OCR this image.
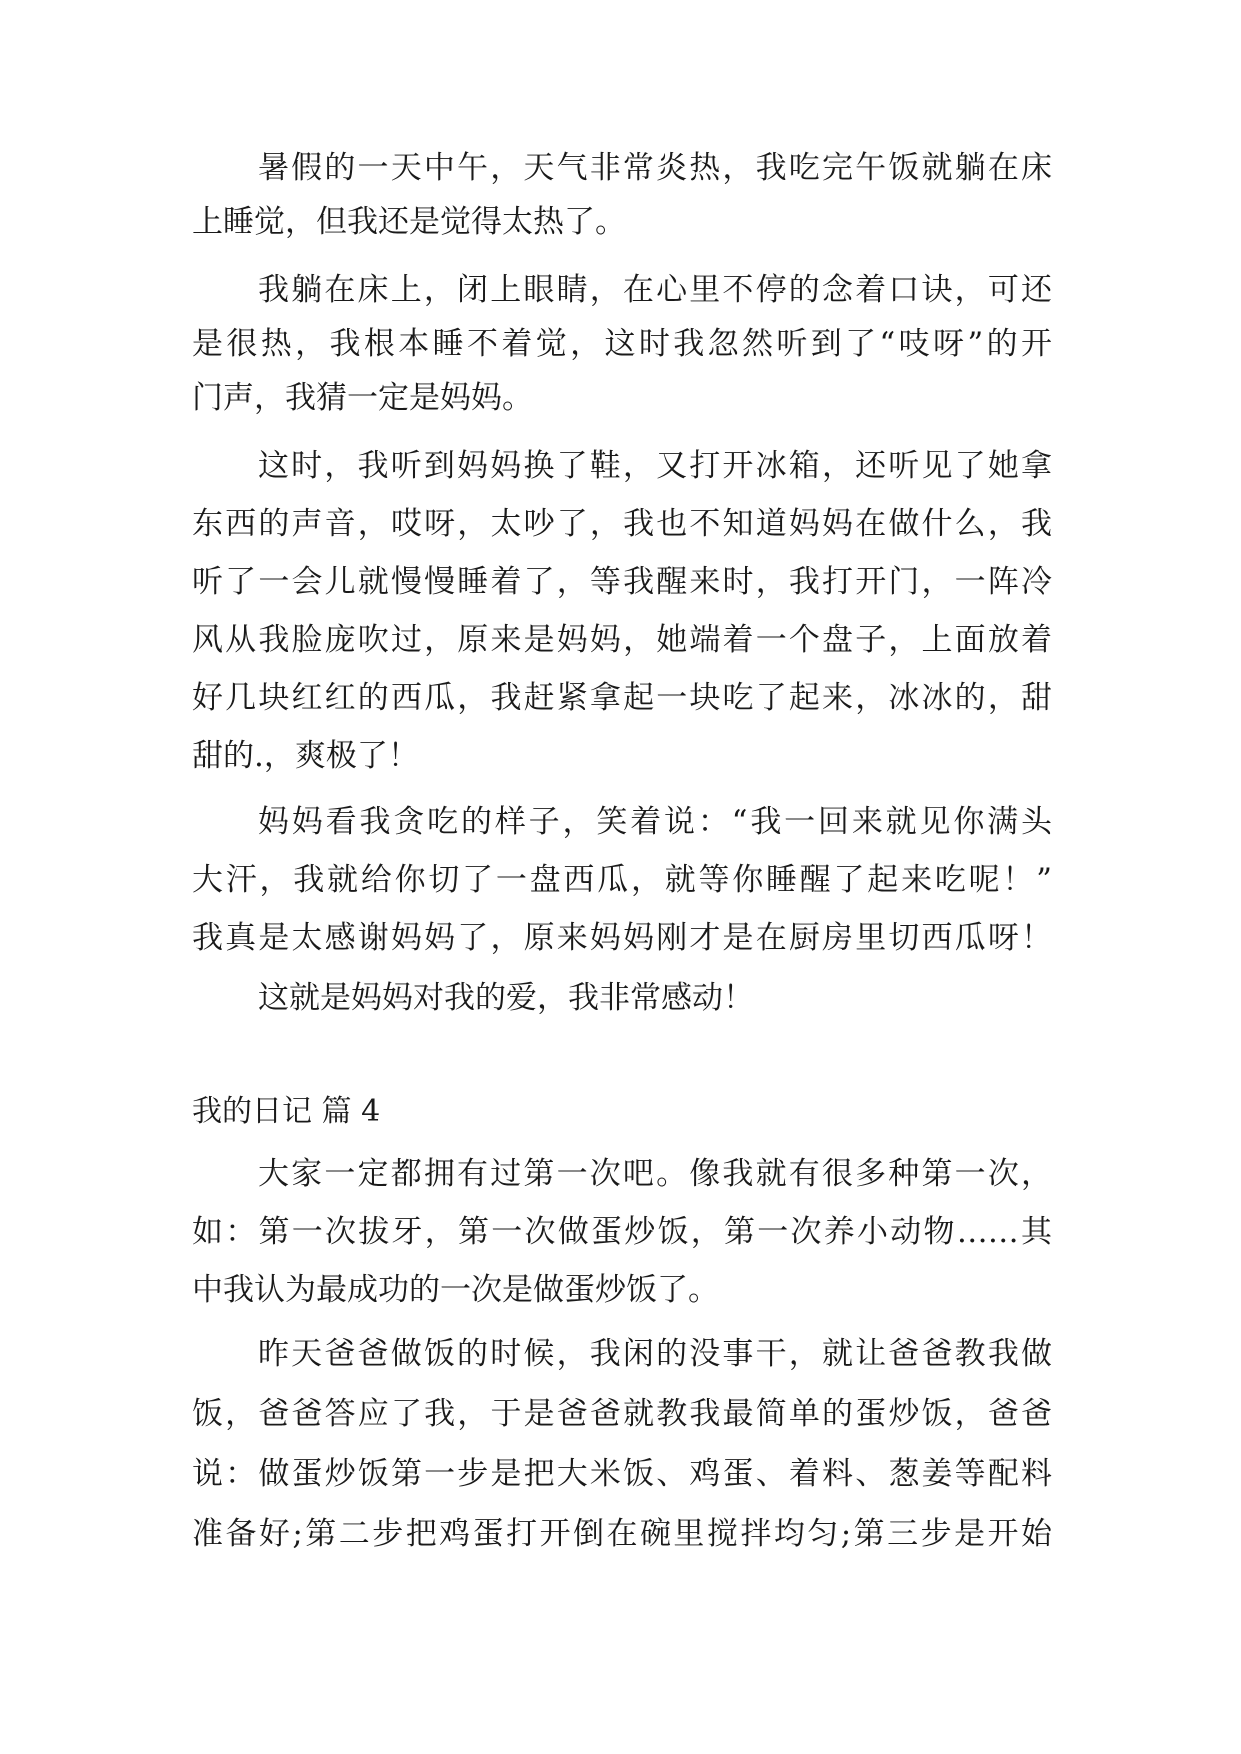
暑假的一天中午，天气非常炎热，我吃完午饭就躺在床
上睡觉，但我还是觉得太热了。
我躺在床上，闭上眼睛，在心里不停的念着口诀，可还
是很热，我根本睡不着觉，这时我忽然听到了“吱呀”的开
门声，我猜一定是妈妈。
这时，我听到妈妈换了鞋，又打开冰箱，还听见了她拿
东西的声音，哎呀，太吵了，我也不知道妈妈在做什么，我
听了一会儿就慢慢睡着了，等我醒来时，我打开门，一阵冷
风从我脸庞吹过，原来是妈妈，她端着一个盘子，上面放着
好几块红红的西瓜，我赶紧拿起一块吃了起来，冰冰的，甜
甜的.，爽极了！
妈妈看我贪吃的样子，笑着说：“我一回来就见你满头
大汗，我就给你切了一盘西瓜，就等你睡醒了起来吃呢！”
我真是太感谢妈妈了，原来妈妈刚才是在厨房里切西瓜呀！
这就是妈妈对我的爱，我非常感动！
我的日记 篇 4
大家一定都拥有过第一次吧。像我就有很多种第一次，
如：第一次拔牙，第一次做蛋炒饭，第一次养小动物……其
中我认为最成功的一次是做蛋炒饭了。
昨天爸爸做饭的时候，我闲的没事干，就让爸爸教我做
饭，爸爸答应了我，于是爸爸就教我最简单的蛋炒饭，爸爸
说：做蛋炒饭第一步是把大米饭、鸡蛋、着料、葱姜等配料
准备好;第二步把鸡蛋打开倒在碗里搅拌均匀;第三步是开始
